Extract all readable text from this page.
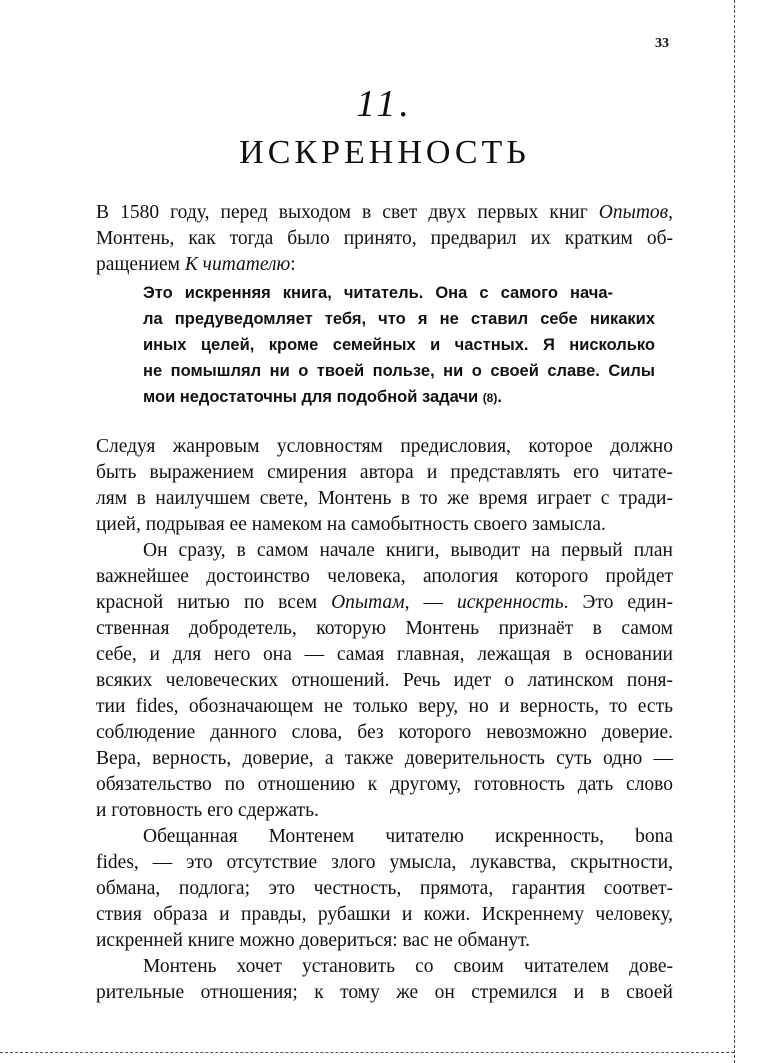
33
11.
ИСКРЕННОСТЬ
В 1580 году, перед выходом в свет двух первых книг Опытов,
Монтень, как тогда было принято, предварил их кратким об-
ращением К читателю:
Это искренняя книга, читатель. Она с самого нача-
ла предуведомляет тебя, что я не ставил себе никаких
иных целей, кроме семейных и частных. Я нисколько
не помышлял ни о твоей пользе, ни о своей славе. Силы
мои недостаточны для подобной задачи (8).
Следуя жанровым условностям предисловия, которое должно
быть выражением смирения автора и представлять его читате-
лям в наилучшем свете, Монтень в то же время играет с тради-
цией, подрывая ее намеком на самобытность своего замысла.
Он сразу, в самом начале книги, выводит на первый план
важнейшее достоинство человека, апология которого пройдет
красной нитью по всем Опытам, — искренность. Это един-
ственная добродетель, которую Монтень признаёт в самом
себе, и для него она — самая главная, лежащая в основании
всяких человеческих отношений. Речь идет о латинском поня-
тии fides, обозначающем не только веру, но и верность, то есть
соблюдение данного слова, без которого невозможно доверие.
Вера, верность, доверие, а также доверительность суть одно —
обязательство по отношению к другому, готовность дать слово
и готовность его сдержать.
Обещанная Монтенем читателю искренность, bona
fides, — это отсутствие злого умысла, лукавства, скрытности,
обмана, подлога; это честность, прямота, гарантия соответ-
ствия образа и правды, рубашки и кожи. Искреннему человеку,
искренней книге можно довериться: вас не обманут.
Монтень хочет установить со своим читателем дове-
рительные отношения; к тому же он стремился и в своей
